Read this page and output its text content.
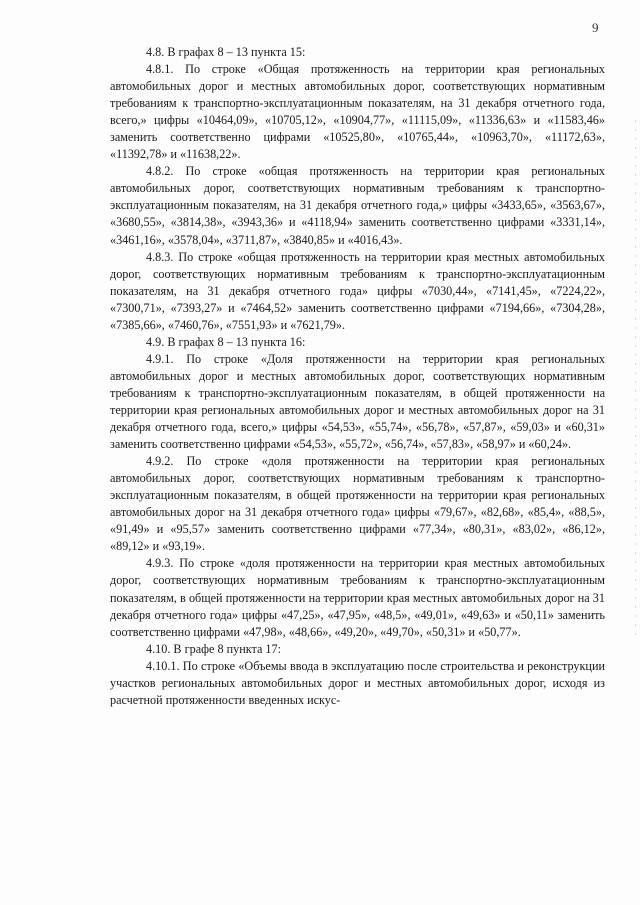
9

4.8. В графах 8 – 13 пункта 15:

4.8.1. По строке «Общая протяженность на территории края региональных автомобильных дорог и местных автомобильных дорог, соответствующих нормативным требованиям к транспортно-эксплуатационным показателям, на 31 декабря отчетного года, всего,» цифры «10464,09», «10705,12», «10904,77», «11115,09», «11336,63» и «11583,46» заменить соответственно цифрами «10525,80», «10765,44», «10963,70», «11172,63», «11392,78» и «11638,22».

4.8.2. По строке «общая протяженность на территории края региональных автомобильных дорог, соответствующих нормативным требованиям к транспортно-эксплуатационным показателям, на 31 декабря отчетного года,» цифры «3433,65», «3563,67», «3680,55», «3814,38», «3943,36» и «4118,94» заменить соответственно цифрами «3331,14», «3461,16», «3578,04», «3711,87», «3840,85» и «4016,43».

4.8.3. По строке «общая протяженность на территории края местных автомобильных дорог, соответствующих нормативным требованиям к транспортно-эксплуатационным показателям, на 31 декабря отчетного года» цифры «7030,44», «7141,45», «7224,22», «7300,71», «7393,27» и «7464,52» заменить соответственно цифрами «7194,66», «7304,28», «7385,66», «7460,76», «7551,93» и «7621,79».

4.9. В графах 8 – 13 пункта 16:

4.9.1. По строке «Доля протяженности на территории края региональных автомобильных дорог и местных автомобильных дорог, соответствующих нормативным требованиям к транспортно-эксплуатационным показателям, в общей протяженности на территории края региональных автомобильных дорог и местных автомобильных дорог на 31 декабря отчетного года, всего,» цифры «54,53», «55,74», «56,78», «57,87», «59,03» и «60,31» заменить соответственно цифрами «54,53», «55,72», «56,74», «57,83», «58,97» и «60,24».

4.9.2. По строке «доля протяженности на территории края региональных автомобильных дорог, соответствующих нормативным требованиям к транспортно-эксплуатационным показателям, в общей протяженности на территории края региональных автомобильных дорог на 31 декабря отчетного года» цифры «79,67», «82,68», «85,4», «88,5», «91,49» и «95,57» заменить соответственно цифрами «77,34», «80,31», «83,02», «86,12», «89,12» и «93,19».

4.9.3. По строке «доля протяженности на территории края местных автомобильных дорог, соответствующих нормативным требованиям к транспортно-эксплуатационным показателям, в общей протяженности на территории края местных автомобильных дорог на 31 декабря отчетного года» цифры «47,25», «47,95», «48,5», «49,01», «49,63» и «50,11» заменить соответственно цифрами «47,98», «48,66», «49,20», «49,70», «50,31» и «50,77».

4.10. В графе 8 пункта 17:

4.10.1. По строке «Объемы ввода в эксплуатацию после строительства и реконструкции участков региональных автомобильных дорог и местных автомобильных дорог, исходя из расчетной протяженности введенных искус-
